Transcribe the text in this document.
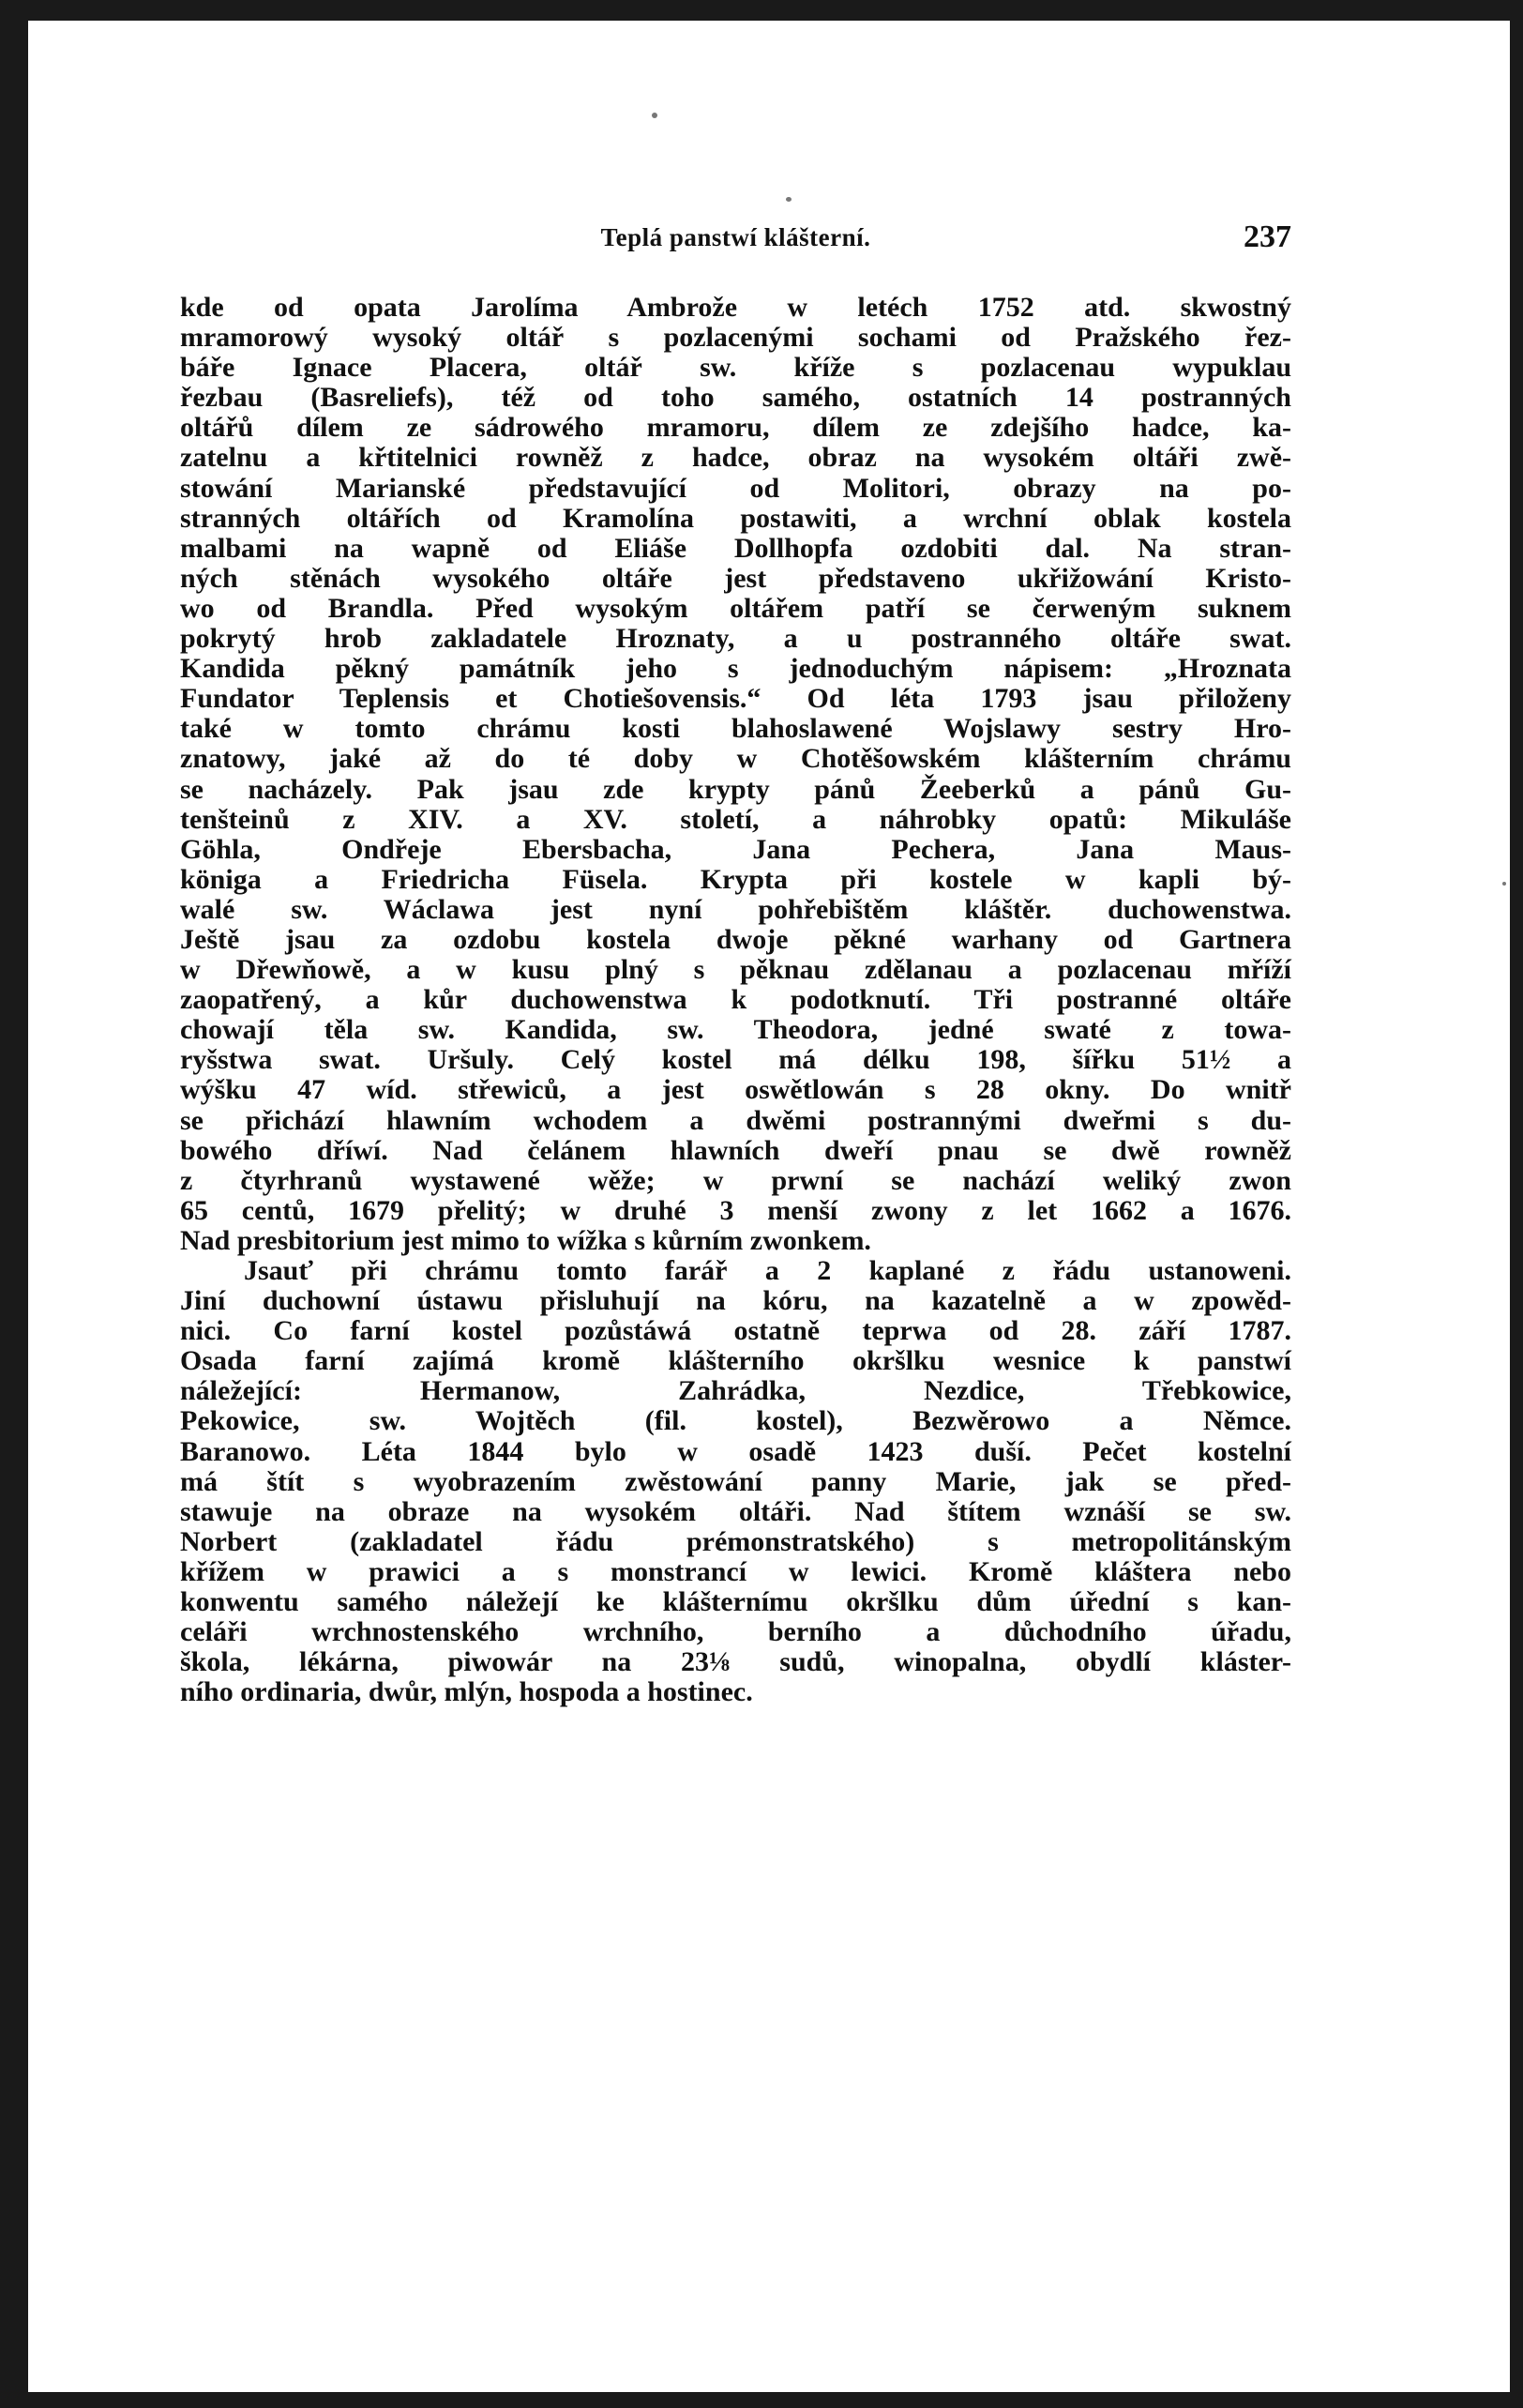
Teplá panstwí klášterní.	237
kde od opata Jarolíma Ambrože w letéch 1752 atd. skwostný
mramorowý wysoký oltář s pozlacenými sochami od Pražského řez-
báře Ignace Placera, oltář sw. kříže s pozlacenau wypuklau
řezbau (Basreliefs), též od toho samého, ostatních 14 postranných
oltářů dílem ze sádrowého mramoru, dílem ze zdejšího hadce, ka-
zatelnu a křtitelnici rowněž z hadce, obraz na wysokém oltáři zwě-
stowání Marianské představující od Molitori, obrazy na po-
stranných oltářích od Kramolína postawiti, a wrchní oblak kostela
malbami na wapně od Eliáše Dollhopfa ozdobiti dal. Na stran-
ných stěnách wysokého oltáře jest představeno ukřižowání Kristo-
wo od Brandla. Před wysokým oltářem patří se čerweným suknem
pokrytý hrob zakladatele Hroznaty, a u postranného oltáře swat.
Kandida pěkný památník jeho s jednoduchým nápisem: „Hroznata
Fundator Teplensis et Chotiešovensis.“ Od léta 1793 jsau přiloženy
také w tomto chrámu kosti blahoslawené Wojslawy sestry Hro-
znatowy, jaké až do té doby w Chotěšowském klášterním chrámu
se nacházely. Pak jsau zde krypty pánů Žeeberků a pánů Gu-
tenšteinů z XIV. a XV. století, a náhrobky opatů: Mikuláše
Göhla, Ondřeje Ebersbacha, Jana Pechera, Jana Maus-
königa a Friedricha Füsela. Krypta při kostele w kapli bý-
walé sw. Wáclawa jest nyní pohřebištěm kláštěr. duchowenstwa.
Ještě jsau za ozdobu kostela dwoje pěkné warhany od Gartnera
w Dřewňowě, a w kusu plný s pěknau zdělanau a pozlacenau mříží
zaopatřený, a kůr duchowenstwa k podotknutí. Tři postranné oltáře
chowají těla sw. Kandida, sw. Theodora, jedné swaté z towa-
ryšstwa swat. Uršuly. Celý kostel má délku 198, šířku 51½ a
wýšku 47 wíd. střewiců, a jest oswětlowán s 28 okny. Do wnitř
se přichází hlawním wchodem a dwěmi postrannými dweřmi s du-
bowého dříwí. Nad čelánem hlawních dweří pnau se dwě rowněž
z čtyrhranů wystawené wěže; w prwní se nachází weliký zwon
65 centů, 1679 přelitý; w druhé 3 menší zwony z let 1662 a 1676.
Nad presbitorium jest mimo to wížka s kůrním zwonkem.
Jsauť při chrámu tomto farář a 2 kaplané z řádu ustanoweni.
Jiní duchowní ústawu přisluhují na kóru, na kazatelně a w zpowěd-
nici. Co farní kostel pozůstáwá ostatně teprwa od 28. září 1787.
Osada farní zajímá kromě klášterního okršlku wesnice k panstwí
náležející: Hermanow, Zahrádka, Nezdice, Třebkowice,
Pekowice, sw. Wojtěch (fil. kostel), Bezwěrowo a Němce.
Baranowo. Léta 1844 bylo w osadě 1423 duší. Pečet kostelní
má štít s wyobrazením zwěstowání panny Marie, jak se před-
stawuje na obraze na wysokém oltáři. Nad štítem wznáší se sw.
Norbert (zakladatel řádu prémonstratského) s metropolitánským
křížem w prawici a s monstrancí w lewici. Kromě kláštera nebo
konwentu samého náležejí ke klášternímu okršlku dům úřední s kan-
celáři wrchnostenského wrchního, berního a důchodního úřadu,
škola, lékárna, piwowár na 23⅛ sudů, winopalna, obydlí kláster-
ního ordinaria, dwůr, mlýn, hospoda a hostinec.
